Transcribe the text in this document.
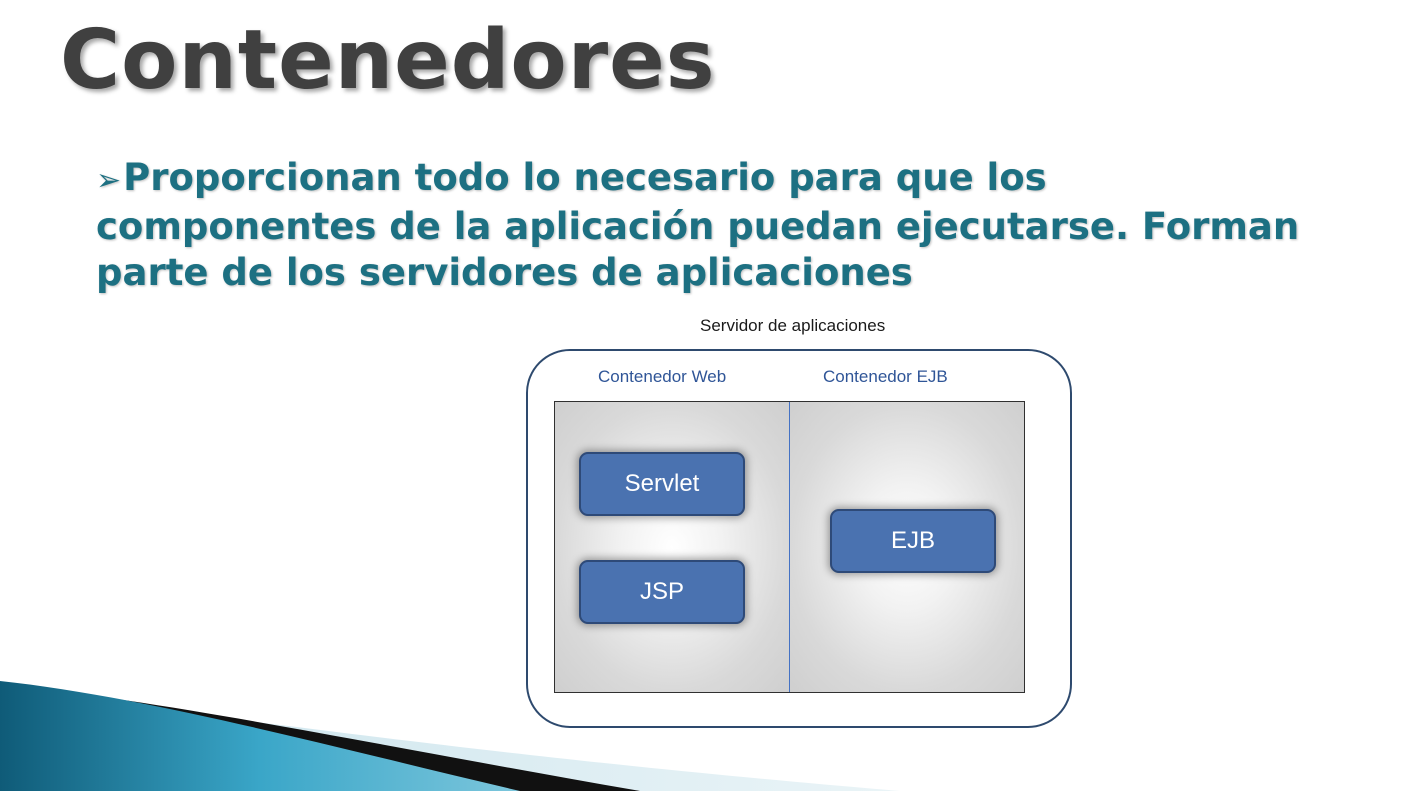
Contenedores
➢Proporcionan todo lo necesario para que los componentes de la aplicación puedan ejecutarse. Forman parte de los servidores de aplicaciones
Servidor de aplicaciones
Contenedor Web	Contenedor EJB
Servlet
JSP
EJB
